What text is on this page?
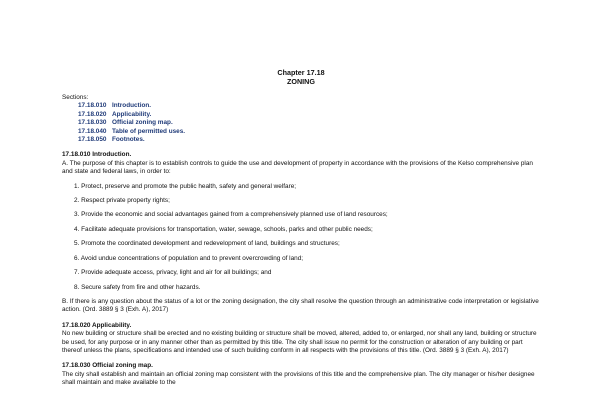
Chapter 17.18
ZONING
Sections:
17.18.010 Introduction.
17.18.020 Applicability.
17.18.030 Official zoning map.
17.18.040 Table of permitted uses.
17.18.050 Footnotes.
17.18.010 Introduction.

A. The purpose of this chapter is to establish controls to guide the use and development of property in accordance with the provisions of the Kelso comprehensive plan and state and federal laws, in order to:

1. Protect, preserve and promote the public health, safety and general welfare;
2. Respect private property rights;
3. Provide the economic and social advantages gained from a comprehensively planned use of land resources;
4. Facilitate adequate provisions for transportation, water, sewage, schools, parks and other public needs;
5. Promote the coordinated development and redevelopment of land, buildings and structures;
6. Avoid undue concentrations of population and to prevent overcrowding of land;
7. Provide adequate access, privacy, light and air for all buildings; and
8. Secure safety from fire and other hazards.

B. If there is any question about the status of a lot or the zoning designation, the city shall resolve the question through an administrative code interpretation or legislative action. (Ord. 3889 § 3 (Exh. A), 2017)

17.18.020 Applicability.

No new building or structure shall be erected and no existing building or structure shall be moved, altered, added to, or enlarged, nor shall any land, building or structure be used, for any purpose or in any manner other than as permitted by this title. The city shall issue no permit for the construction or alteration of any building or part thereof unless the plans, specifications and intended use of such building conform in all respects with the provisions of this title. (Ord. 3889 § 3 (Exh. A), 2017)

17.18.030 Official zoning map.

The city shall establish and maintain an official zoning map consistent with the provisions of this title and the comprehensive plan. The city manager or his/her designee shall maintain and make available to the
